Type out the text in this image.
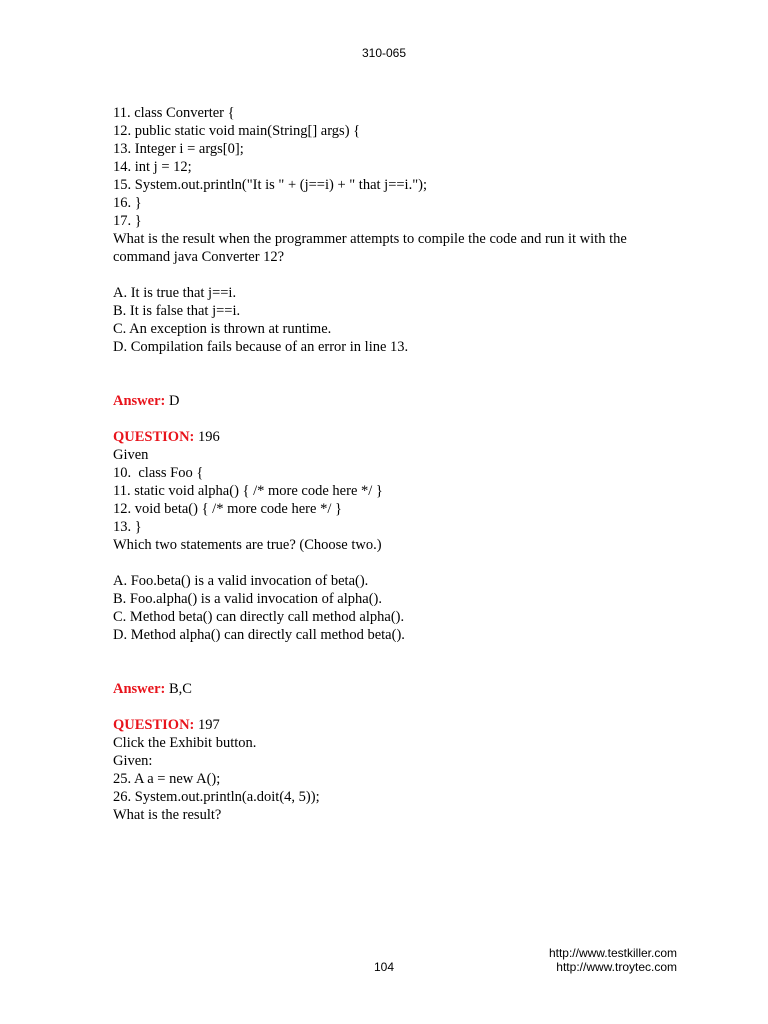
310-065
11. class Converter {
12. public static void main(String[] args) {
13. Integer i = args[0];
14. int j = 12;
15. System.out.println("It is " + (j==i) + " that j==i.");
16. }
17. }
What is the result when the programmer attempts to compile the code and run it with the command java Converter 12?
A. It is true that j==i.
B. It is false that j==i.
C. An exception is thrown at runtime.
D. Compilation fails because of an error in line 13.
Answer: D
QUESTION: 196
Given
10.  class Foo {
11. static void alpha() { /* more code here */ }
12. void beta() { /* more code here */ }
13. }
Which two statements are true? (Choose two.)
A. Foo.beta() is a valid invocation of beta().
B. Foo.alpha() is a valid invocation of alpha().
C. Method beta() can directly call method alpha().
D. Method alpha() can directly call method beta().
Answer: B,C
QUESTION: 197
Click the Exhibit button.
Given:
25. A a = new A();
26. System.out.println(a.doit(4, 5));
What is the result?
http://www.testkiller.com
http://www.troytec.com
104
